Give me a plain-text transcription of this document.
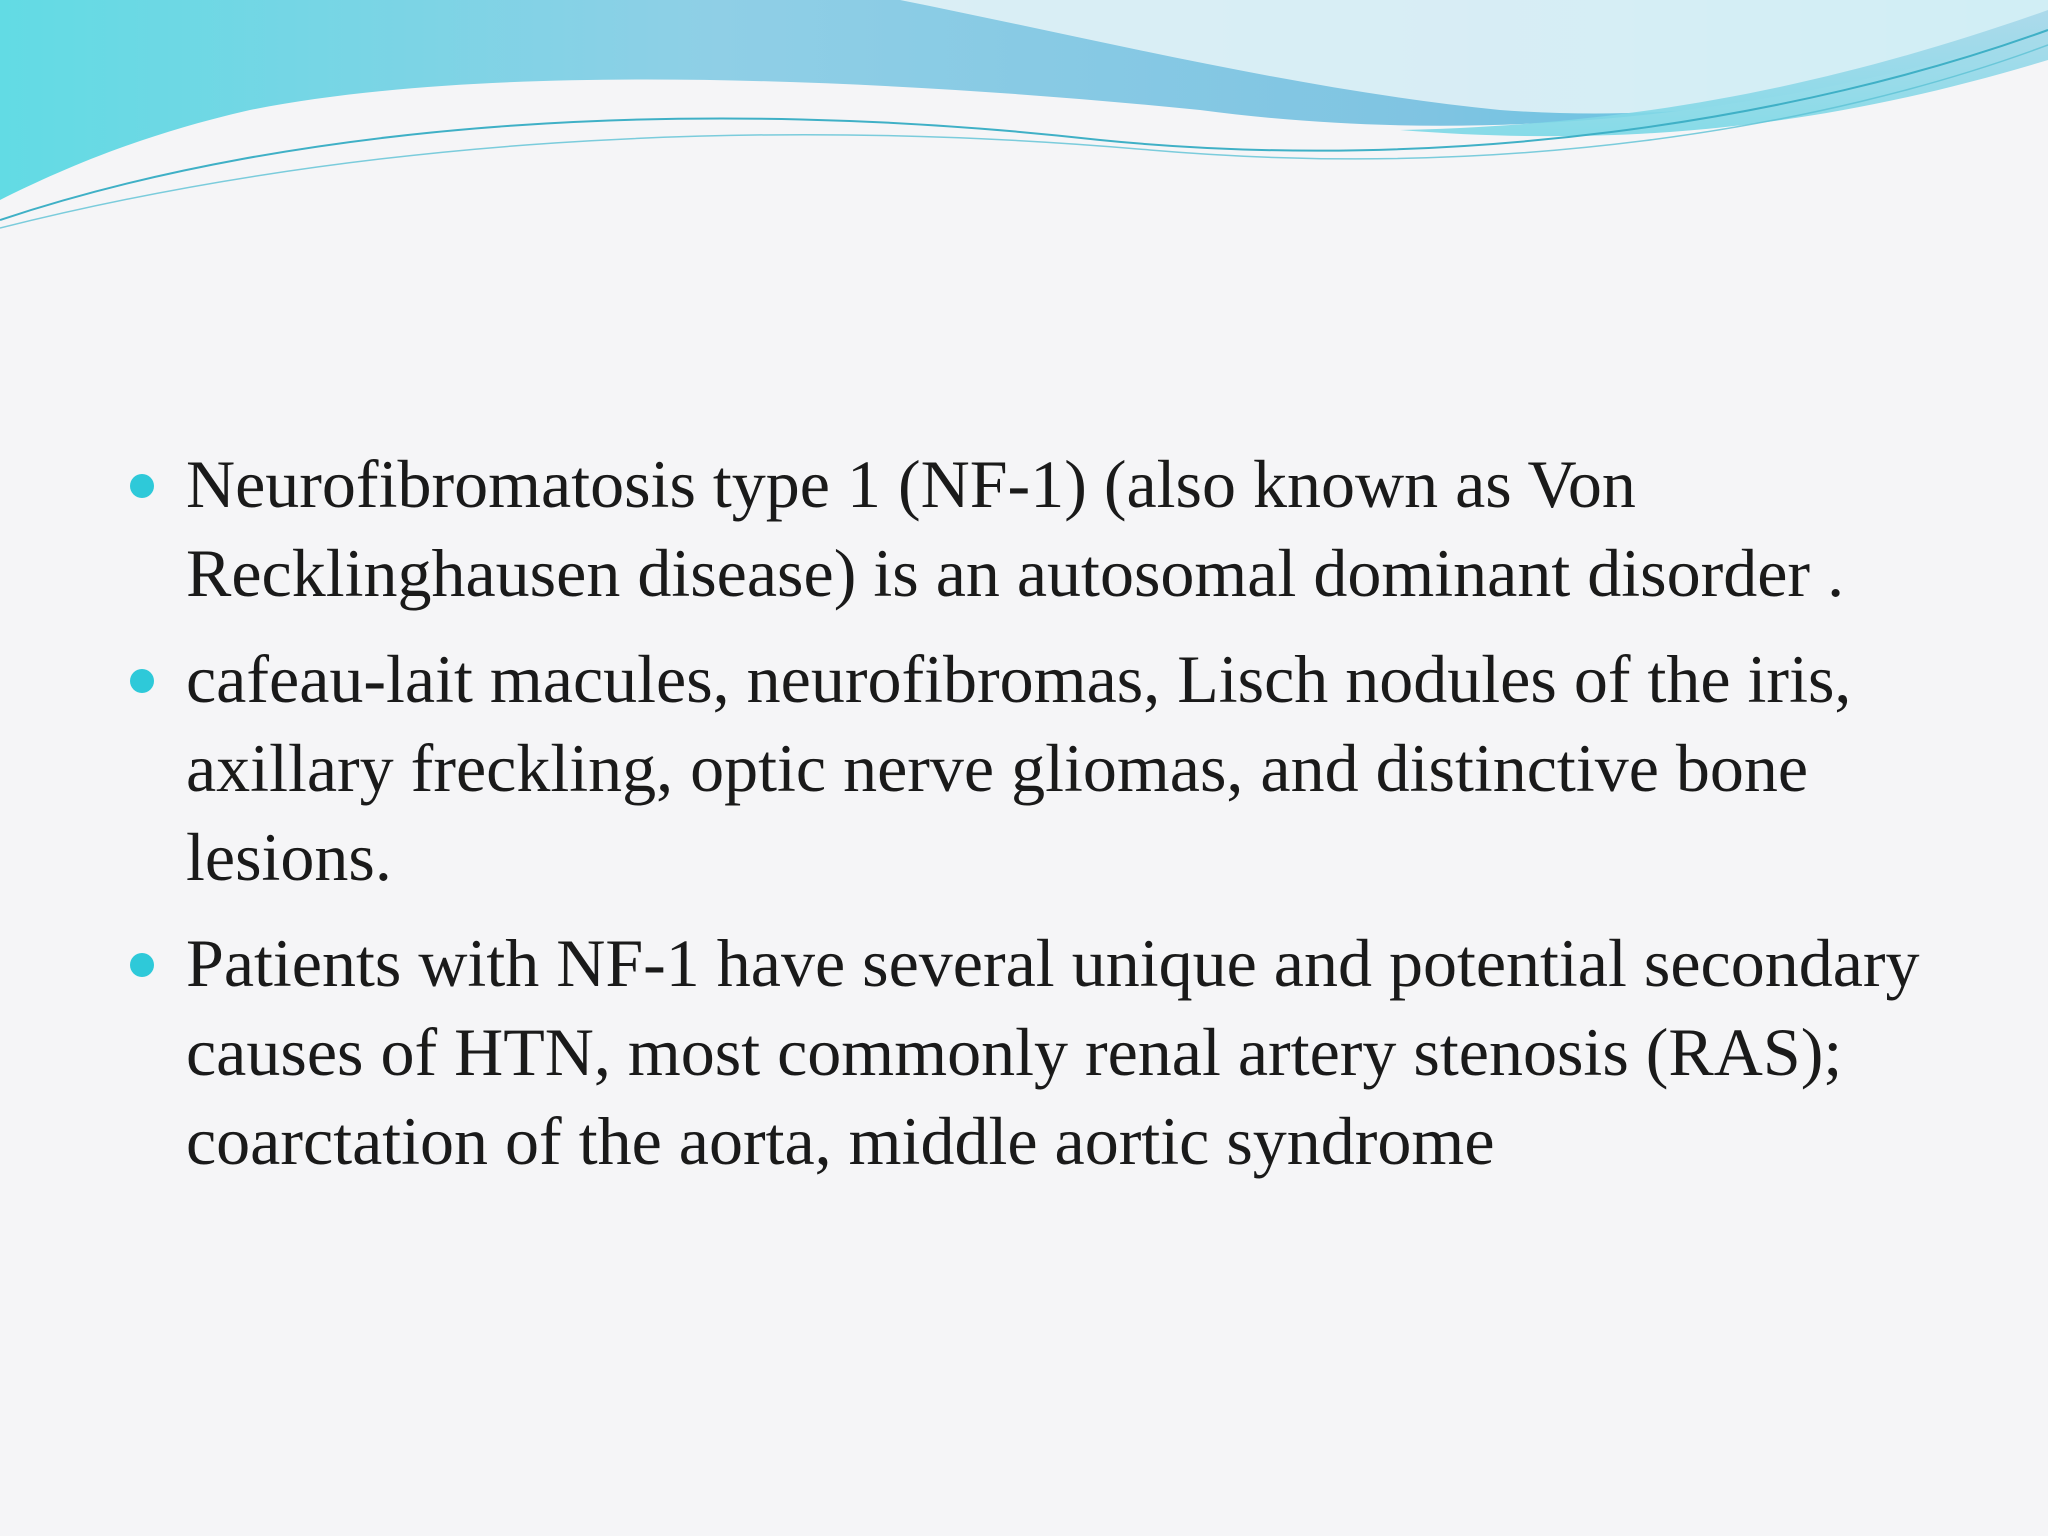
Neurofibromatosis type 1 (NF-1) (also known as Von Recklinghausen disease) is an autosomal dominant disorder .
cafeau-lait macules, neurofibromas, Lisch nodules of the iris, axillary freckling, optic nerve gliomas, and distinctive bone lesions.
Patients with NF-1 have several unique and potential secondary causes of HTN, most commonly renal artery stenosis (RAS); coarctation of the aorta, middle aortic syndrome
